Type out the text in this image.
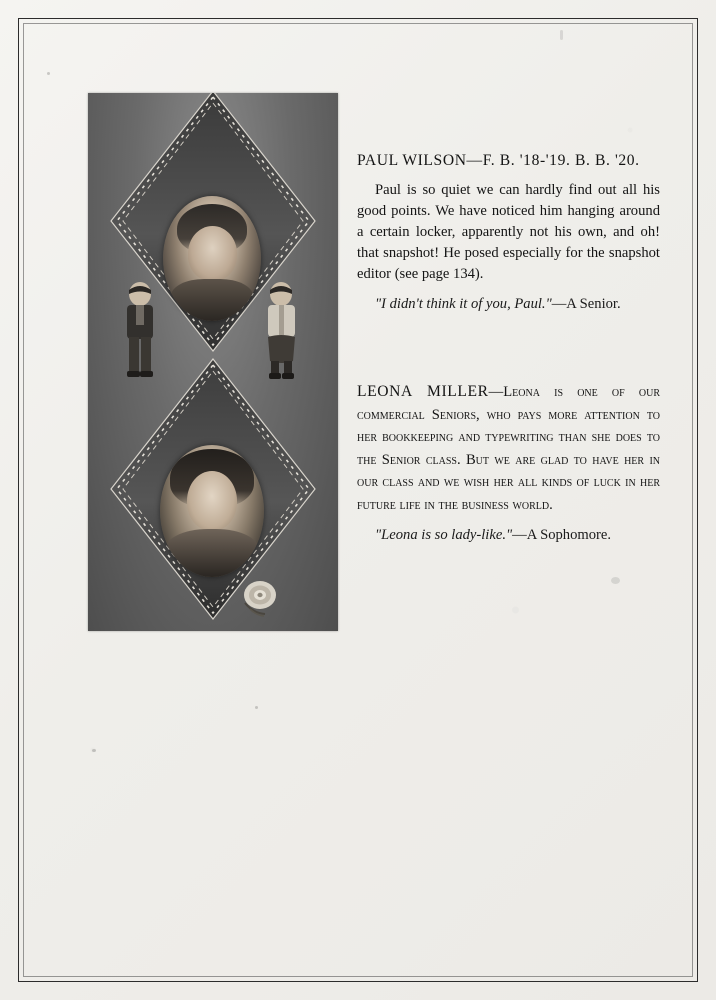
PAUL WILSON—F. B. '18-'19. B. B. '20.

Paul is so quiet we can hardly find out all his good points. We have noticed him hanging around a certain locker, apparently not his own, and oh! that snapshot! He posed especially for the snapshot editor (see page 134).

"I didn't think it of you, Paul."—A Senior.

LEONA MILLER—Leona is one of our commercial Seniors, who pays more attention to her bookkeeping and typewriting than she does to the Senior class. But we are glad to have her in our class and we wish her all kinds of luck in her future life in the business world.

"Leona is so lady-like."—A Sophomore.
